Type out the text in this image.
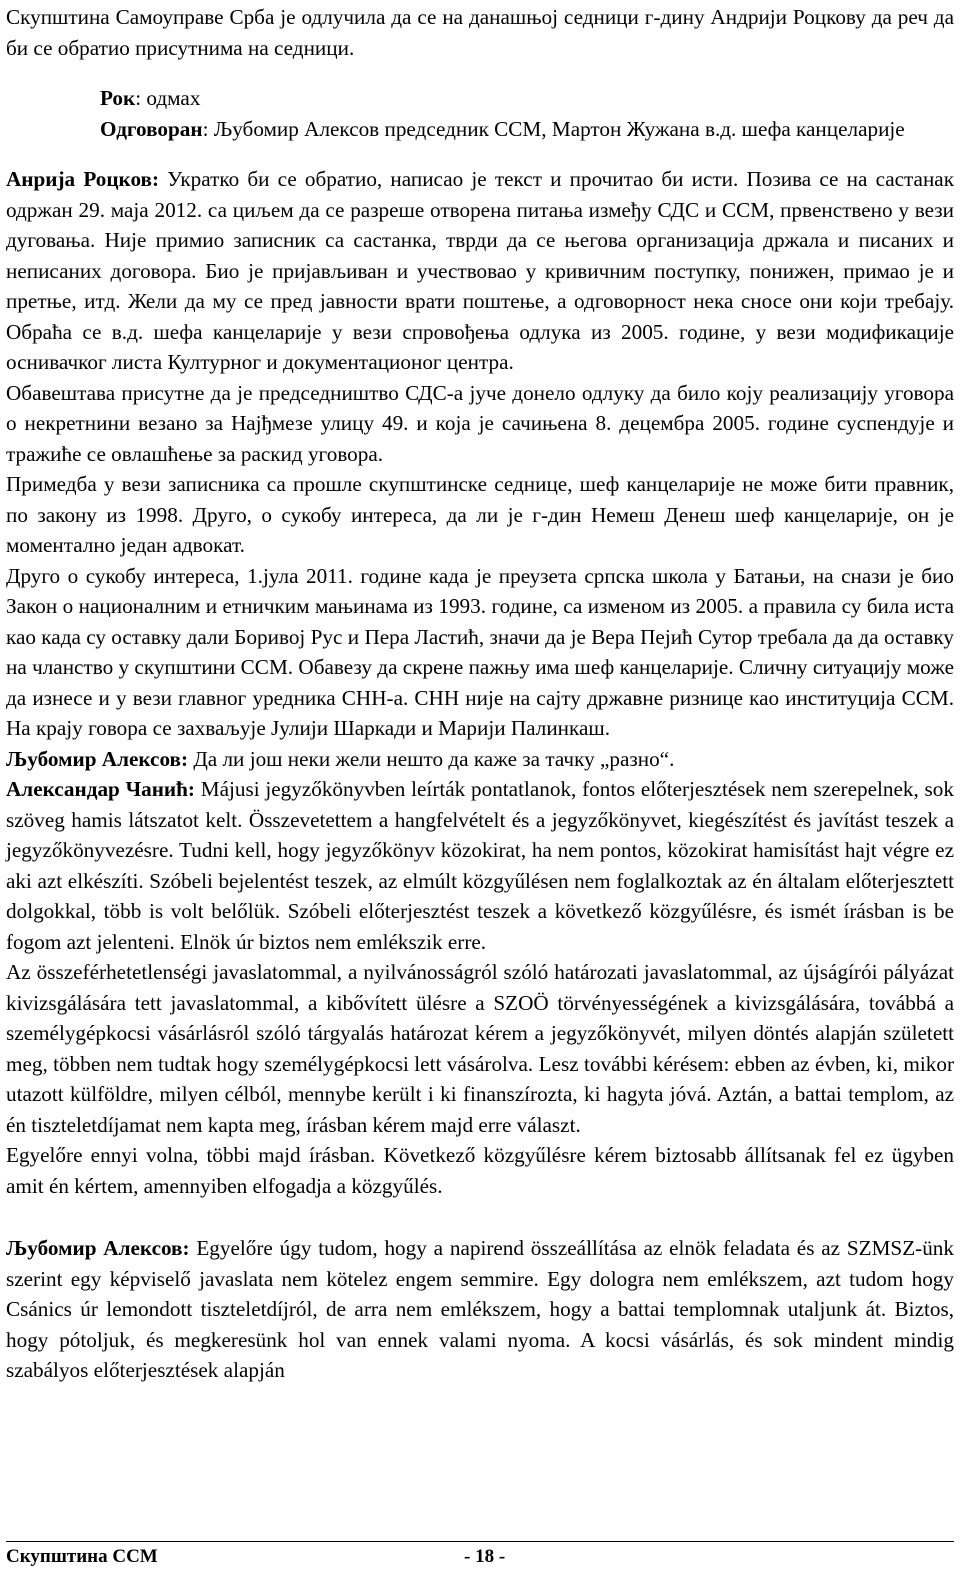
Скупштина Самоуправе Срба је одлучила да се на данашњој седници г-дину Андрији Роцкову да реч да би се обратио присутнима на седници.

Рок: одмах

Одговоран: Љубомир Алексов председник ССМ, Мартон Жужана в.д. шефа канцеларије

Анрија Роцков: Укратко би се обратио, написао је текст и прочитао би исти. Позива се на састанак одржан 29. маја 2012. са циљем да се разреше отворена питања између СДС и ССМ, првенствено у вези дуговања. Није примио записник са састанка, тврди да се његова организација држала и писаних и неписаних договора. Био је пријављиван и учествовао у кривичним поступку, понижен, примао је и претње, итд. Жели да му се пред јавности врати поштење, а одговорност нека сносе они који требају. Обраћа се в.д. шефа канцеларије у вези спровођења одлука из 2005. године, у вези модификације оснивачког листа Културног и документационог центра.

Обавештава присутне да је председништво СДС-а јуче донело одлуку да било коју реализацију уговора о некретнини везано за Најђмезе улицу 49. и која је сачињена 8. децембра 2005. године суспендује и тражиће се овлашћење за раскид уговора.

Примедба у вези записника са прошле скупштинске седнице, шеф канцеларије не може бити правник, по закону из 1998. Друго, о сукобу интереса, да ли је г-дин Немеш Денеш шеф канцеларије, он је моментално један адвокат.

Друго о сукобу интереса, 1.јула 2011. године када је преузета српска школа у Батањи, на снази је био Закон о националним и етничким мањинама из 1993. године, са изменом из 2005. а правила су била иста као када су оставку дали Боривој Рус и Пера Ластић, значи да је Вера Пејић Сутор требала да да оставку на чланство у скупштини ССМ. Обавезу да скрене пажњу има шеф канцеларије. Сличну ситуацију може да изнесе и у вези главног уредника СНН-а. СНН није на сајту државне ризнице као институција ССМ. На крају говора се захваљује Јулији Шаркади и Марији Палинкаш.

Љубомир Алексов: Да ли још неки жели нешто да каже за тачку „разно“.

Александар Чанић: Májusi jegyzőkönyvben leírták pontatlanok, fontos előterjesztések nem szerepelnek, sok szöveg hamis látszatot kelt. Összevetettem a hangfelvételt és a jegyzőkönyvet, kiegészítést és javítást teszek a jegyzőkönyvezésre. Tudni kell, hogy jegyzőkönyv közokirat, ha nem pontos, közokirat hamisítást hajt végre ez aki azt elkészíti. Szóbeli bejelentést teszek, az elmúlt közgyűlésen nem foglalkoztak az én általam előterjesztett dolgokkal, több is volt belőlük. Szóbeli előterjesztést teszek a következő közgyűlésre, és ismét írásban is be fogom azt jelenteni. Elnök úr biztos nem emlékszik erre.

Az összeférhetetlenségi javaslatommal, a nyilvánosságról szóló határozati javaslatommal, az újságírói pályázat kivizsgálására tett javaslatommal, a kibővített ülésre a SZOÖ törvényességének a kivizsgálására, továbbá a személygépkocsi vásárlásról szóló tárgyalás határozat kérem a jegyzőkönyvét, milyen döntés alapján született meg, többen nem tudtak hogy személygépkocsi lett vásárolva. Lesz további kérésem: ebben az évben, ki, mikor utazott külföldre, milyen célból, mennybe került i ki finanszírozta, ki hagyta jóvá. Aztán, a battai templom, az én tiszteletdíjamat nem kapta meg, írásban kérem majd erre választ.

Egyelőre ennyi volna, többi majd írásban. Következő közgyűlésre kérem biztosabb állítsanak fel ez ügyben amit én kértem, amennyiben elfogadja a közgyűlés.

Љубомир Алексов: Egyelőre úgy tudom, hogy a napirend összeállítása az elnök feladata és az SZMSZ-ünk szerint egy képviselő javaslata nem kötelez engem semmire. Egy dologra nem emlékszem, azt tudom hogy Csánics úr lemondott tiszteletdíjról, de arra nem emlékszem, hogy a battai templomnak utaljunk át. Biztos, hogy pótoljuk, és megkeresünk hol van ennek valami nyoma. A kocsi vásárlás, és sok mindent mindig szabályos előterjesztések alapján

Скупштина ССМ	- 18 -
